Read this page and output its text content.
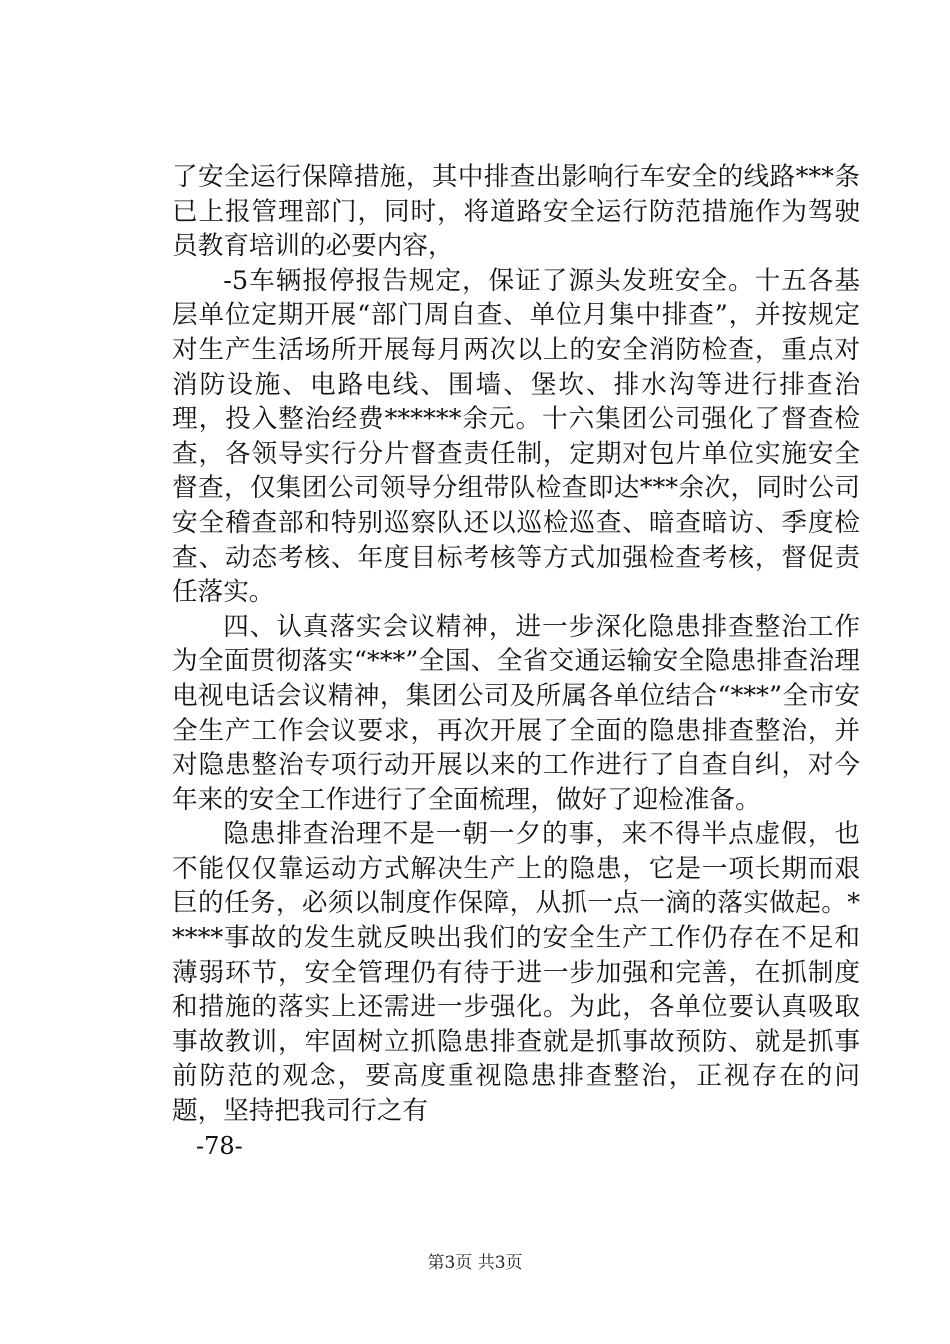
了安全运行保障措施，其中排查出影响行车安全的线路***条已上报管理部门，同时，将道路安全运行防范措施作为驾驶员教育培训的必要内容，

-5车辆报停报告规定，保证了源头发班安全。十五各基层单位定期开展“部门周自查、单位月集中排查”，并按规定对生产生活场所开展每月两次以上的安全消防检查，重点对消防设施、电路电线、围墙、堡坎、排水沟等进行排查治理，投入整治经费******余元。十六集团公司强化了督查检查，各领导实行分片督查责任制，定期对包片单位实施安全督查，仅集团公司领导分组带队检查即达***余次，同时公司安全稽查部和特别巡察队还以巡检巡查、暗查暗访、季度检查、动态考核、年度目标考核等方式加强检查考核，督促责任落实。

四、认真落实会议精神，进一步深化隐患排查整治工作为全面贯彻落实“***”全国、全省交通运输安全隐患排查治理电视电话会议精神，集团公司及所属各单位结合“***”全市安全生产工作会议要求，再次开展了全面的隐患排查整治，并对隐患整治专项行动开展以来的工作进行了自查自纠，对今年来的安全工作进行了全面梳理，做好了迎检准备。

隐患排查治理不是一朝一夕的事，来不得半点虚假，也不能仅仅靠运动方式解决生产上的隐患，它是一项长期而艰巨的任务，必须以制度作保障，从抓一点一滴的落实做起。*****事故的发生就反映出我们的安全生产工作仍存在不足和薄弱环节，安全管理仍有待于进一步加强和完善，在抓制度和措施的落实上还需进一步强化。为此，各单位要认真吸取事故教训，牢固树立抓隐患排查就是抓事故预防、就是抓事前防范的观念，要高度重视隐患排查整治，正视存在的问题，坚持把我司行之有

-78-

第3页 共3页
